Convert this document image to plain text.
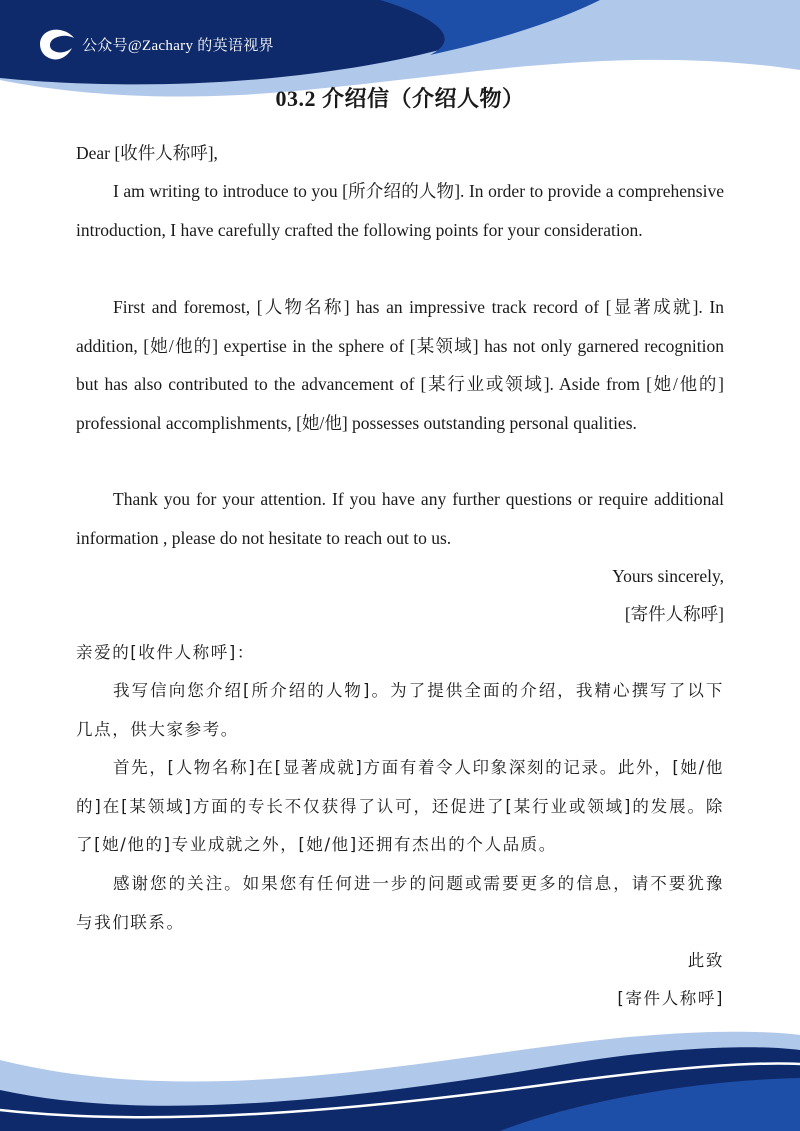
公众号@Zachary 的英语视界
03.2 介绍信（介绍人物）

Dear [收件人称呼],

I am writing to introduce to you [所介绍的人物]. In order to provide a comprehensive introduction, I have carefully crafted the following points for your consideration.

First and foremost, [人物名称] has an impressive track record of [显著成就]. In addition, [她/他的] expertise in the sphere of [某领域] has not only garnered recognition but has also contributed to the advancement of [某行业或领域]. Aside from [她/他的] professional accomplishments, [她/他] possesses outstanding personal qualities.

Thank you for your attention. If you have any further questions or require additional information , please do not hesitate to reach out to us.

Yours sincerely,

[寄件人称呼]

亲爱的[收件人称呼]：

我写信向您介绍[所介绍的人物]。为了提供全面的介绍，我精心撰写了以下几点，供大家参考。

首先，[人物名称]在[显著成就]方面有着令人印象深刻的记录。此外，[她/他的]在[某领域]方面的专长不仅获得了认可，还促进了[某行业或领域]的发展。除了[她/他的]专业成就之外，[她/他]还拥有杰出的个人品质。

感谢您的关注。如果您有任何进一步的问题或需要更多的信息，请不要犹豫与我们联系。

此致

[寄件人称呼]
